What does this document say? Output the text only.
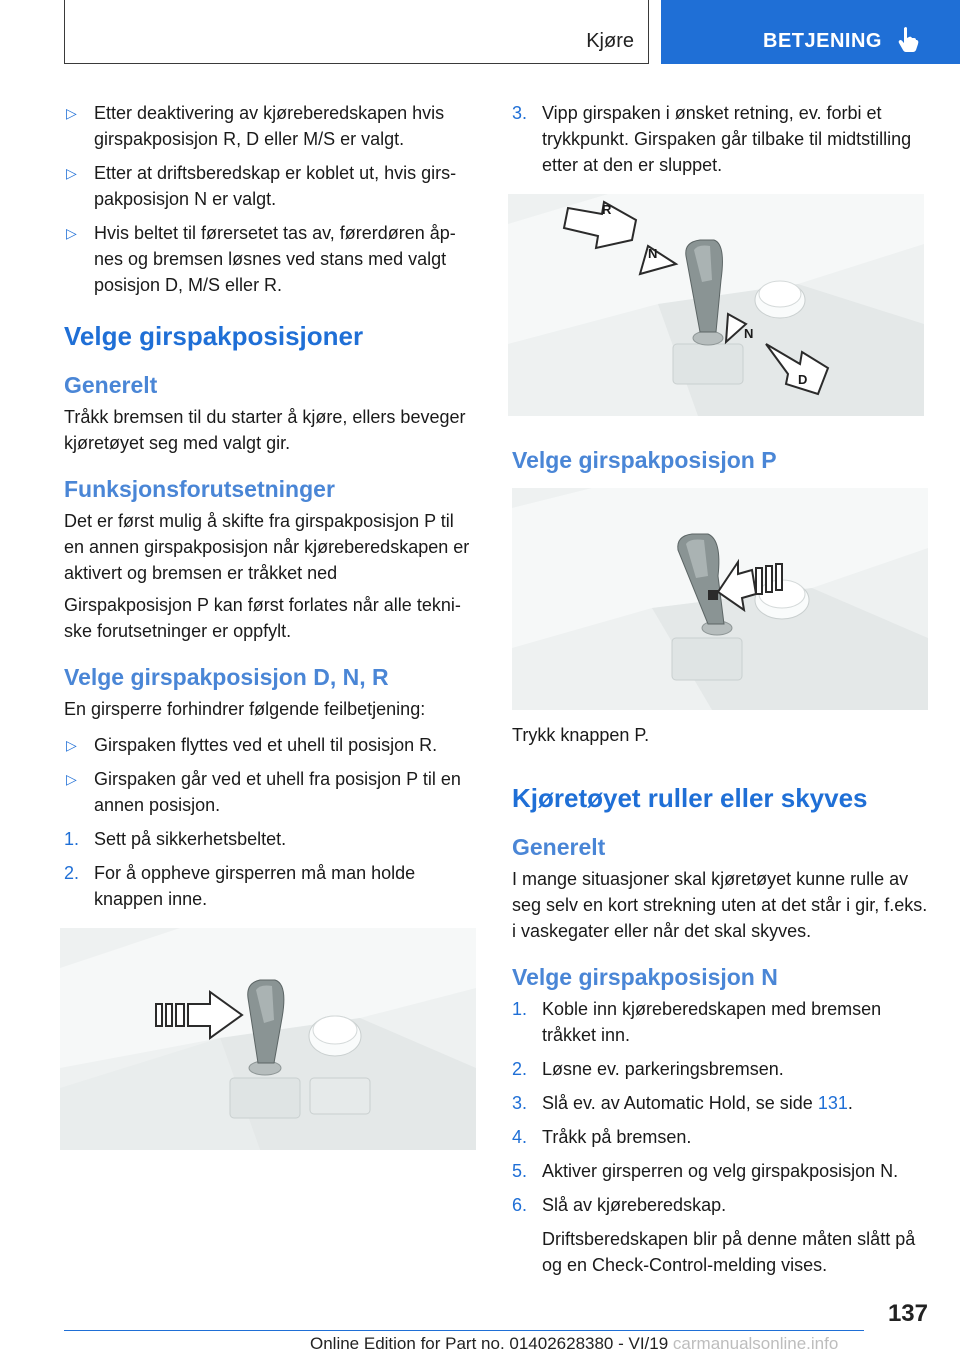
Kjøre	BETJENING
▷ Etter deaktivering av kjøreberedskapen hvis girspakposisjon R, D eller M/S er valgt.
▷ Etter at driftsberedskap er koblet ut, hvis girspakposisjon N er valgt.
▷ Hvis beltet til førersetet tas av, førerdøren åpnes og bremsen løsnes ved stans med valgt posisjon D, M/S eller R.
Velge girspakposisjoner
Generelt
Tråkk bremsen til du starter å kjøre, ellers beveger kjøretøyet seg med valgt gir.
Funksjonsforutsetninger
Det er først mulig å skifte fra girspakposisjon P til en annen girspakposisjon når kjøreberedskapen er aktivert og bremsen er tråkket ned
Girspakposisjon P kan først forlates når alle tekniske forutsetninger er oppfylt.
Velge girspakposisjon D, N, R
En girsperre forhindrer følgende feilbetjening:
▷ Girspaken flyttes ved et uhell til posisjon R.
▷ Girspaken går ved et uhell fra posisjon P til en annen posisjon.
1. Sett på sikkerhetsbeltet.
2. For å oppheve girsperren må man holde knappen inne.
3. Vipp girspaken i ønsket retning, ev. forbi et trykkpunkt. Girspaken går tilbake til midtstilling etter at den er sluppet.
R
N
N
D
Velge girspakposisjon P
Trykk knappen P.
Kjøretøyet ruller eller skyves
Generelt
I mange situasjoner skal kjøretøyet kunne rulle av seg selv en kort strekning uten at det står i gir, f.eks. i vaskegater eller når det skal skyves.
Velge girspakposisjon N
1. Koble inn kjøreberedskapen med bremsen tråkket inn.
2. Løsne ev. parkeringsbremsen.
3. Slå ev. av Automatic Hold, se side 131.
4. Tråkk på bremsen.
5. Aktiver girsperren og velg girspakposisjon N.
6. Slå av kjøreberedskap.
Driftsberedskapen blir på denne måten slått på og en Check-Control-melding vises.
137
Online Edition for Part no. 01402628380 - VI/19 carmanualsonline.info
